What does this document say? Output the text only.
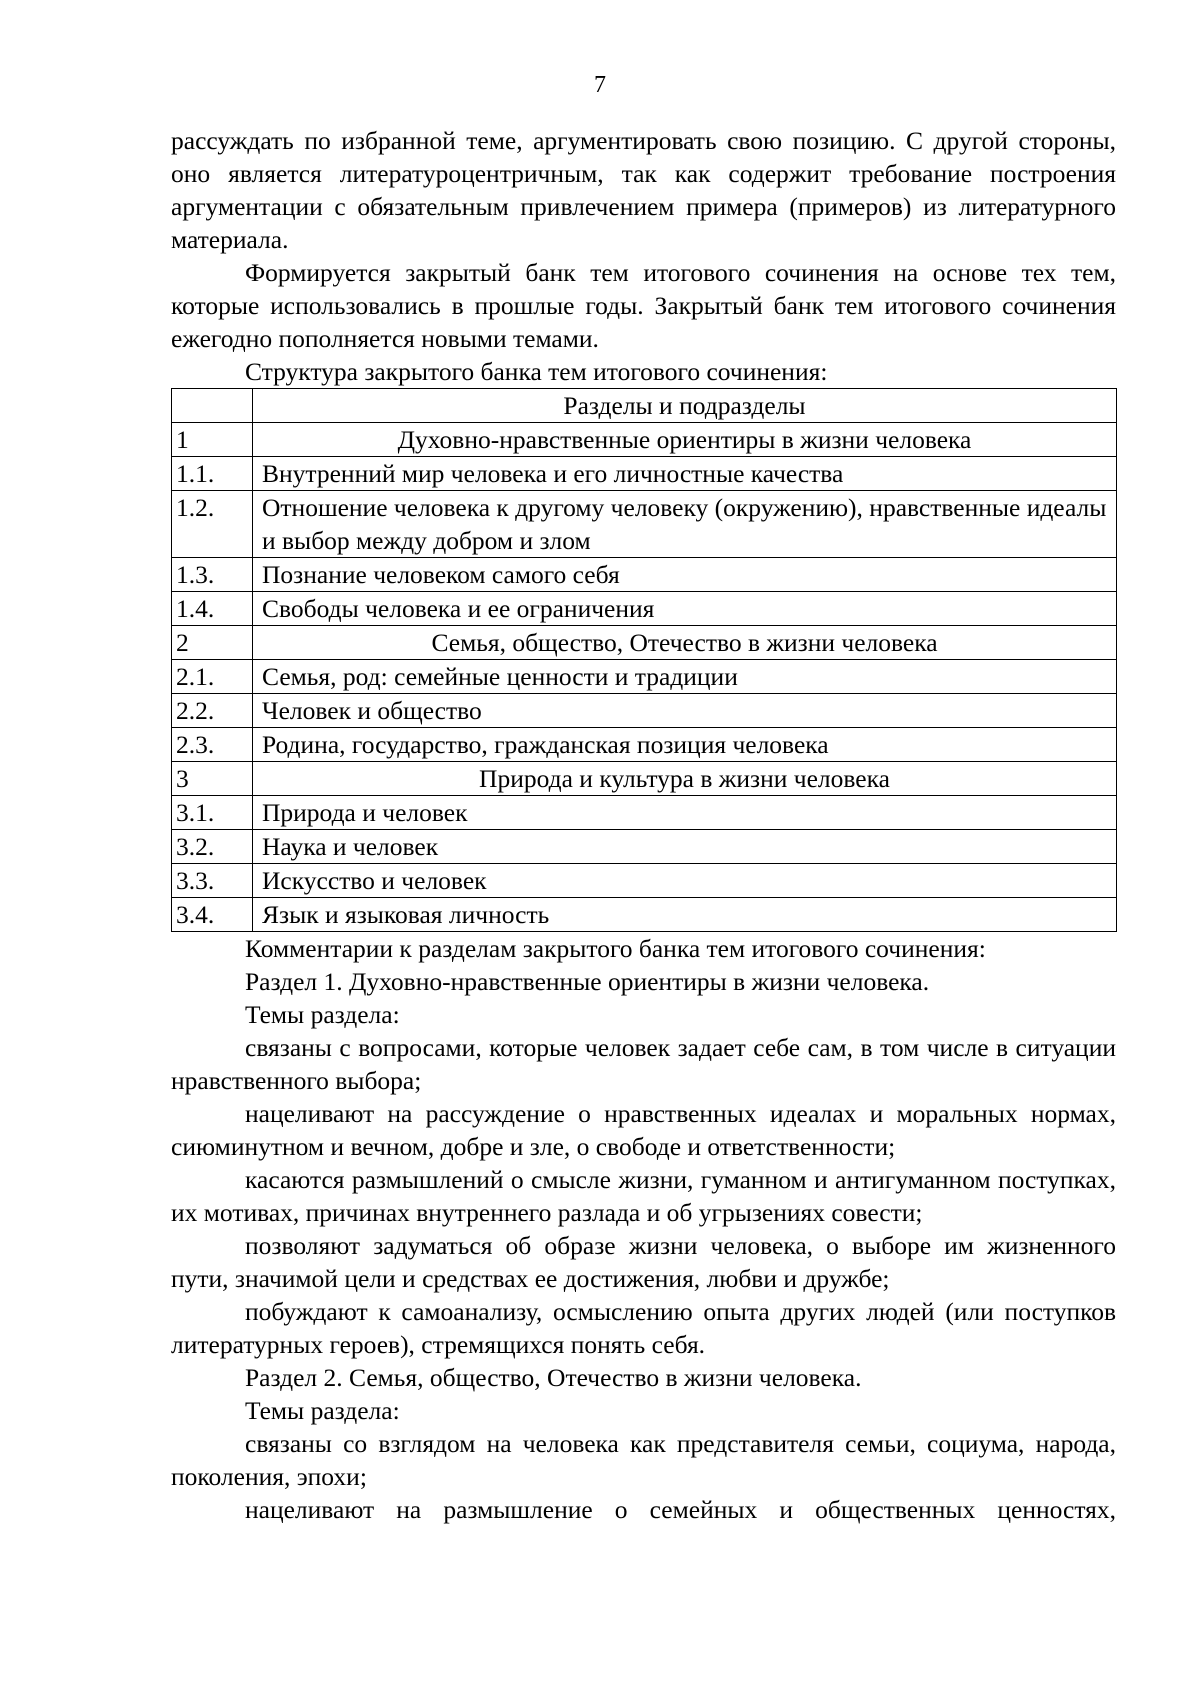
7

рассуждать по избранной теме, аргументировать свою позицию. С другой стороны, оно является литературоцентричным, так как содержит требование построения аргументации с обязательным привлечением примера (примеров) из литературного материала.

Формируется закрытый банк тем итогового сочинения на основе тех тем, которые использовались в прошлые годы. Закрытый банк тем итогового сочинения ежегодно пополняется новыми темами.

Структура закрытого банка тем итогового сочинения:

	Разделы и подразделы
1	Духовно-нравственные ориентиры в жизни человека
1.1.	Внутренний мир человека и его личностные качества
1.2.	Отношение человека к другому человеку (окружению), нравственные идеалы и выбор между добром и злом
1.3.	Познание человеком самого себя
1.4.	Свободы человека и ее ограничения
2	Семья, общество, Отечество в жизни человека
2.1.	Семья, род: семейные ценности и традиции
2.2.	Человек и общество
2.3.	Родина, государство, гражданская позиция человека
3	Природа и культура в жизни человека
3.1.	Природа и человек
3.2.	Наука и человек
3.3.	Искусство и человек
3.4.	Язык и языковая личность

Комментарии к разделам закрытого банка тем итогового сочинения:

Раздел 1. Духовно-нравственные ориентиры в жизни человека.

Темы раздела:

связаны с вопросами, которые человек задает себе сам, в том числе в ситуации нравственного выбора;

нацеливают на рассуждение о нравственных идеалах и моральных нормах, сиюминутном и вечном, добре и зле, о свободе и ответственности;

касаются размышлений о смысле жизни, гуманном и антигуманном поступках, их мотивах, причинах внутреннего разлада и об угрызениях совести;

позволяют задуматься об образе жизни человека, о выборе им жизненного пути, значимой цели и средствах ее достижения, любви и дружбе;

побуждают к самоанализу, осмыслению опыта других людей (или поступков литературных героев), стремящихся понять себя.

Раздел 2. Семья, общество, Отечество в жизни человека.

Темы раздела:

связаны со взглядом на человека как представителя семьи, социума, народа, поколения, эпохи;

нацеливают на размышление о семейных и общественных ценностях,
